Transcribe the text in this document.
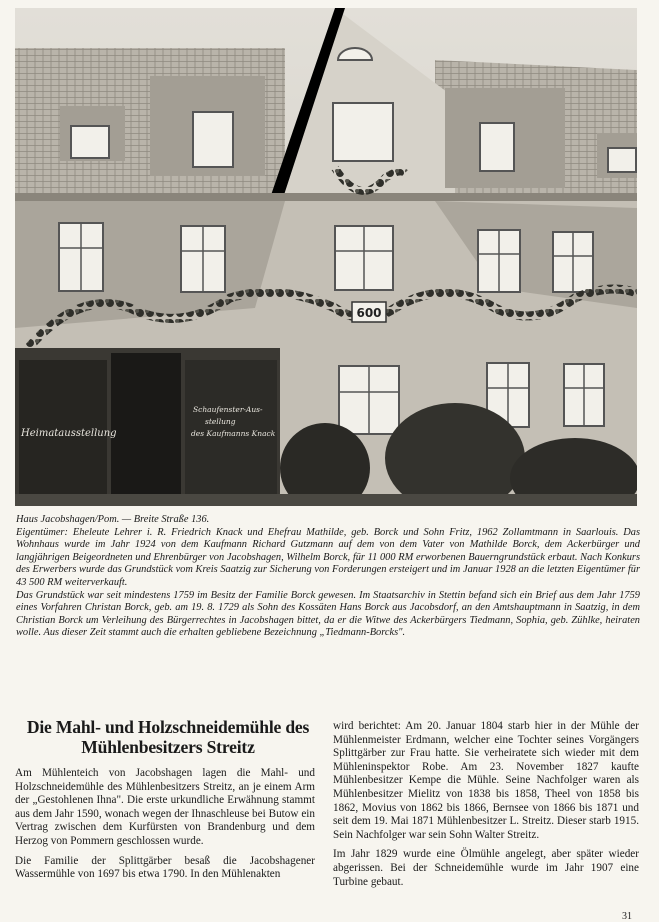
600
Heimatausstellung
Schaufenster-Aus-
stellung
des Kaufmanns Knack

Haus Jacobshagen/Pom. — Breite Straße 136.

Eigentümer: Eheleute Lehrer i. R. Friedrich Knack und Ehefrau Mathilde, geb. Borck und Sohn Fritz, 1962 Zollamtmann in Saarlouis. Das Wohnhaus wurde im Jahr 1924 von dem Kaufmann Richard Gutzmann auf dem von dem Vater von Mathilde Borck, dem Ackerbürger und langjährigen Beigeordneten und Ehrenbürger von Jacobshagen, Wilhelm Borck, für 11 000 RM erworbenen Bauerngrundstück erbaut. Nach Konkurs des Erwerbers wurde das Grundstück vom Kreis Saatzig zur Sicherung von Forderungen ersteigert und im Januar 1928 an die letzten Eigentümer für 43 500 RM weiterverkauft.

Das Grundstück war seit mindestens 1759 im Besitz der Familie Borck gewesen. Im Staatsarchiv in Stettin befand sich ein Brief aus dem Jahr 1759 eines Vorfahren Christan Borck, geb. am 19. 8. 1729 als Sohn des Kossäten Hans Borck aus Jacobsdorf, an den Amtshauptmann in Saatzig, in dem Christian Borck um Verleihung des Bürgerrechtes in Jacobshagen bittet, da er die Witwe des Ackerbürgers Tiedmann, Sophia, geb. Zühlke, heiraten wolle. Aus dieser Zeit stammt auch die erhalten gebliebene Bezeichnung „Tiedmann-Borcks".

Die Mahl- und Holzschneidemühle des
Mühlenbesitzers Streitz

Am Mühlenteich von Jacobshagen lagen die Mahl- und Holzschneidemühle des Mühlenbesitzers Streitz, an je einem Arm der „Gestohlenen Ihna". Die erste urkundliche Erwähnung stammt aus dem Jahr 1590, wonach wegen der Ihnaschleuse bei Butow ein Vertrag zwischen dem Kurfürsten von Brandenburg und dem Herzog von Pommern geschlossen wurde.

Die Familie der Splittgärber besaß die Jacobshagener Wassermühle von 1697 bis etwa 1790. In den Mühlenakten

wird berichtet: Am 20. Januar 1804 starb hier in der Mühle der Mühlenmeister Erdmann, welcher eine Tochter seines Vorgängers Splittgärber zur Frau hatte. Sie verheiratete sich wieder mit dem Mühleninspektor Robe. Am 23. November 1827 kaufte Mühlenbesitzer Kempe die Mühle. Seine Nachfolger waren als Mühlenbesitzer Mielitz von 1838 bis 1858, Theel von 1858 bis 1862, Movius von 1862 bis 1866, Bernsee von 1866 bis 1871 und seit dem 19. Mai 1871 Mühlenbesitzer L. Streitz. Dieser starb 1915. Sein Nachfolger war sein Sohn Walter Streitz.

Im Jahr 1829 wurde eine Ölmühle angelegt, aber später wieder abgerissen. Bei der Schneidemühle wurde im Jahr 1907 eine Turbine gebaut.

31
